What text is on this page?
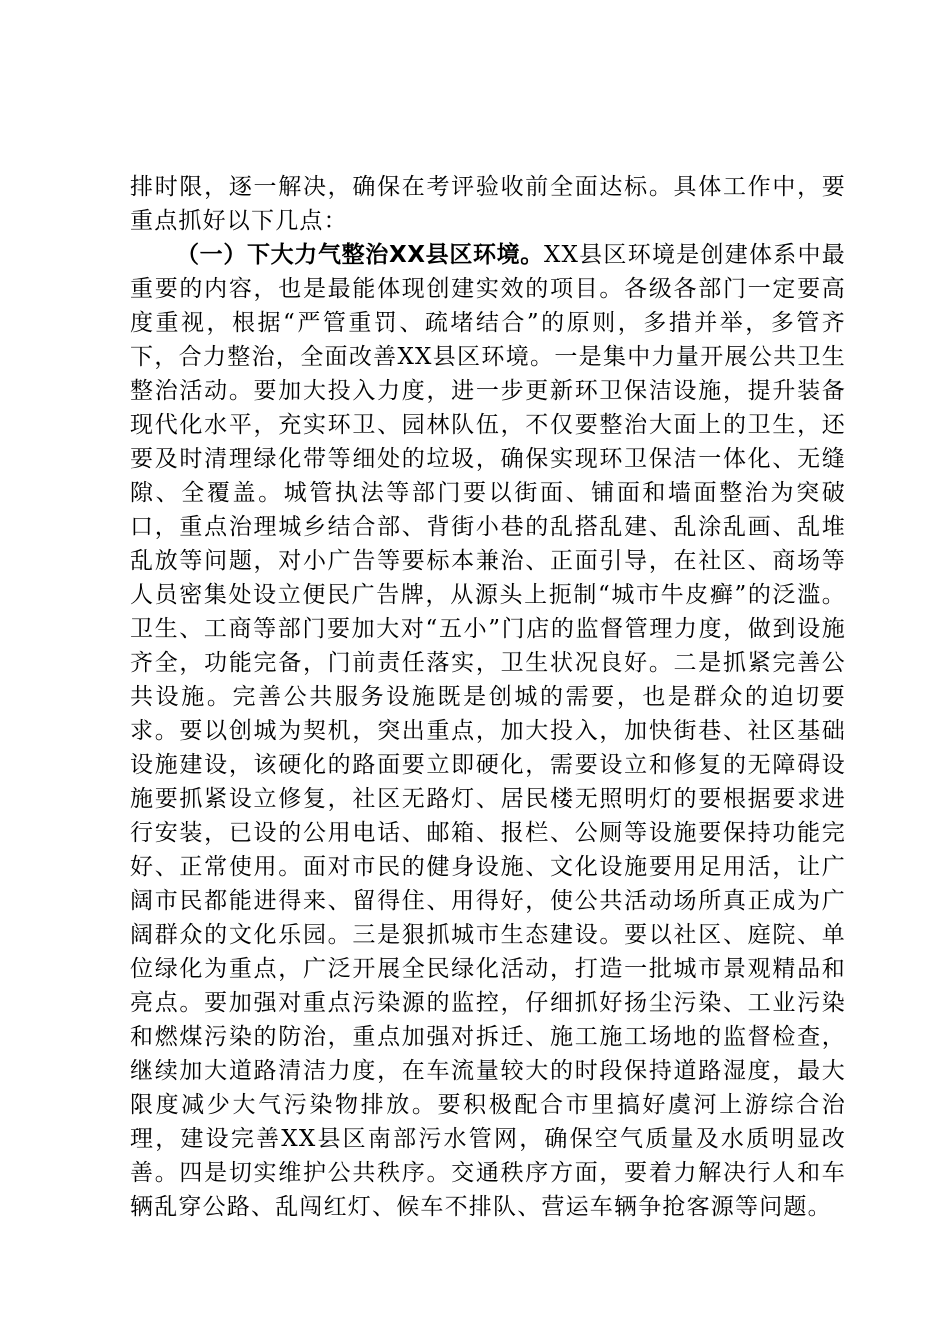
排时限，逐一解决，确保在考评验收前全面达标。具体工作中，要重点抓好以下几点：

（一）下大力气整治XX县区环境。XX县区环境是创建体系中最重要的内容，也是最能体现创建实效的项目。各级各部门一定要高度重视，根据“严管重罚、疏堵结合”的原则，多措并举，多管齐下，合力整治，全面改善XX县区环境。一是集中力量开展公共卫生整治活动。要加大投入力度，进一步更新环卫保洁设施，提升装备现代化水平，充实环卫、园林队伍，不仅要整治大面上的卫生，还要及时清理绿化带等细处的垃圾，确保实现环卫保洁一体化、无缝隙、全覆盖。城管执法等部门要以街面、铺面和墙面整治为突破口，重点治理城乡结合部、背街小巷的乱搭乱建、乱涂乱画、乱堆乱放等问题，对小广告等要标本兼治、正面引导，在社区、商场等人员密集处设立便民广告牌，从源头上扼制“城市牛皮癣”的泛滥。卫生、工商等部门要加大对“五小”门店的监督管理力度，做到设施齐全，功能完备，门前责任落实，卫生状况良好。二是抓紧完善公共设施。完善公共服务设施既是创城的需要，也是群众的迫切要求。要以创城为契机，突出重点，加大投入，加快街巷、社区基础设施建设，该硬化的路面要立即硬化，需要设立和修复的无障碍设施要抓紧设立修复，社区无路灯、居民楼无照明灯的要根据要求进行安装，已设的公用电话、邮箱、报栏、公厕等设施要保持功能完好、正常使用。面对市民的健身设施、文化设施要用足用活，让广阔市民都能进得来、留得住、用得好，使公共活动场所真正成为广阔群众的文化乐园。三是狠抓城市生态建设。要以社区、庭院、单位绿化为重点，广泛开展全民绿化活动，打造一批城市景观精品和亮点。要加强对重点污染源的监控，仔细抓好扬尘污染、工业污染和燃煤污染的防治，重点加强对拆迁、施工施工场地的监督检查，继续加大道路清洁力度，在车流量较大的时段保持道路湿度，最大限度减少大气污染物排放。要积极配合市里搞好虞河上游综合治理，建设完善XX县区南部污水管网，确保空气质量及水质明显改善。四是切实维护公共秩序。交通秩序方面，要着力解决行人和车辆乱穿公路、乱闯红灯、候车不排队、营运车辆争抢客源等问题。
